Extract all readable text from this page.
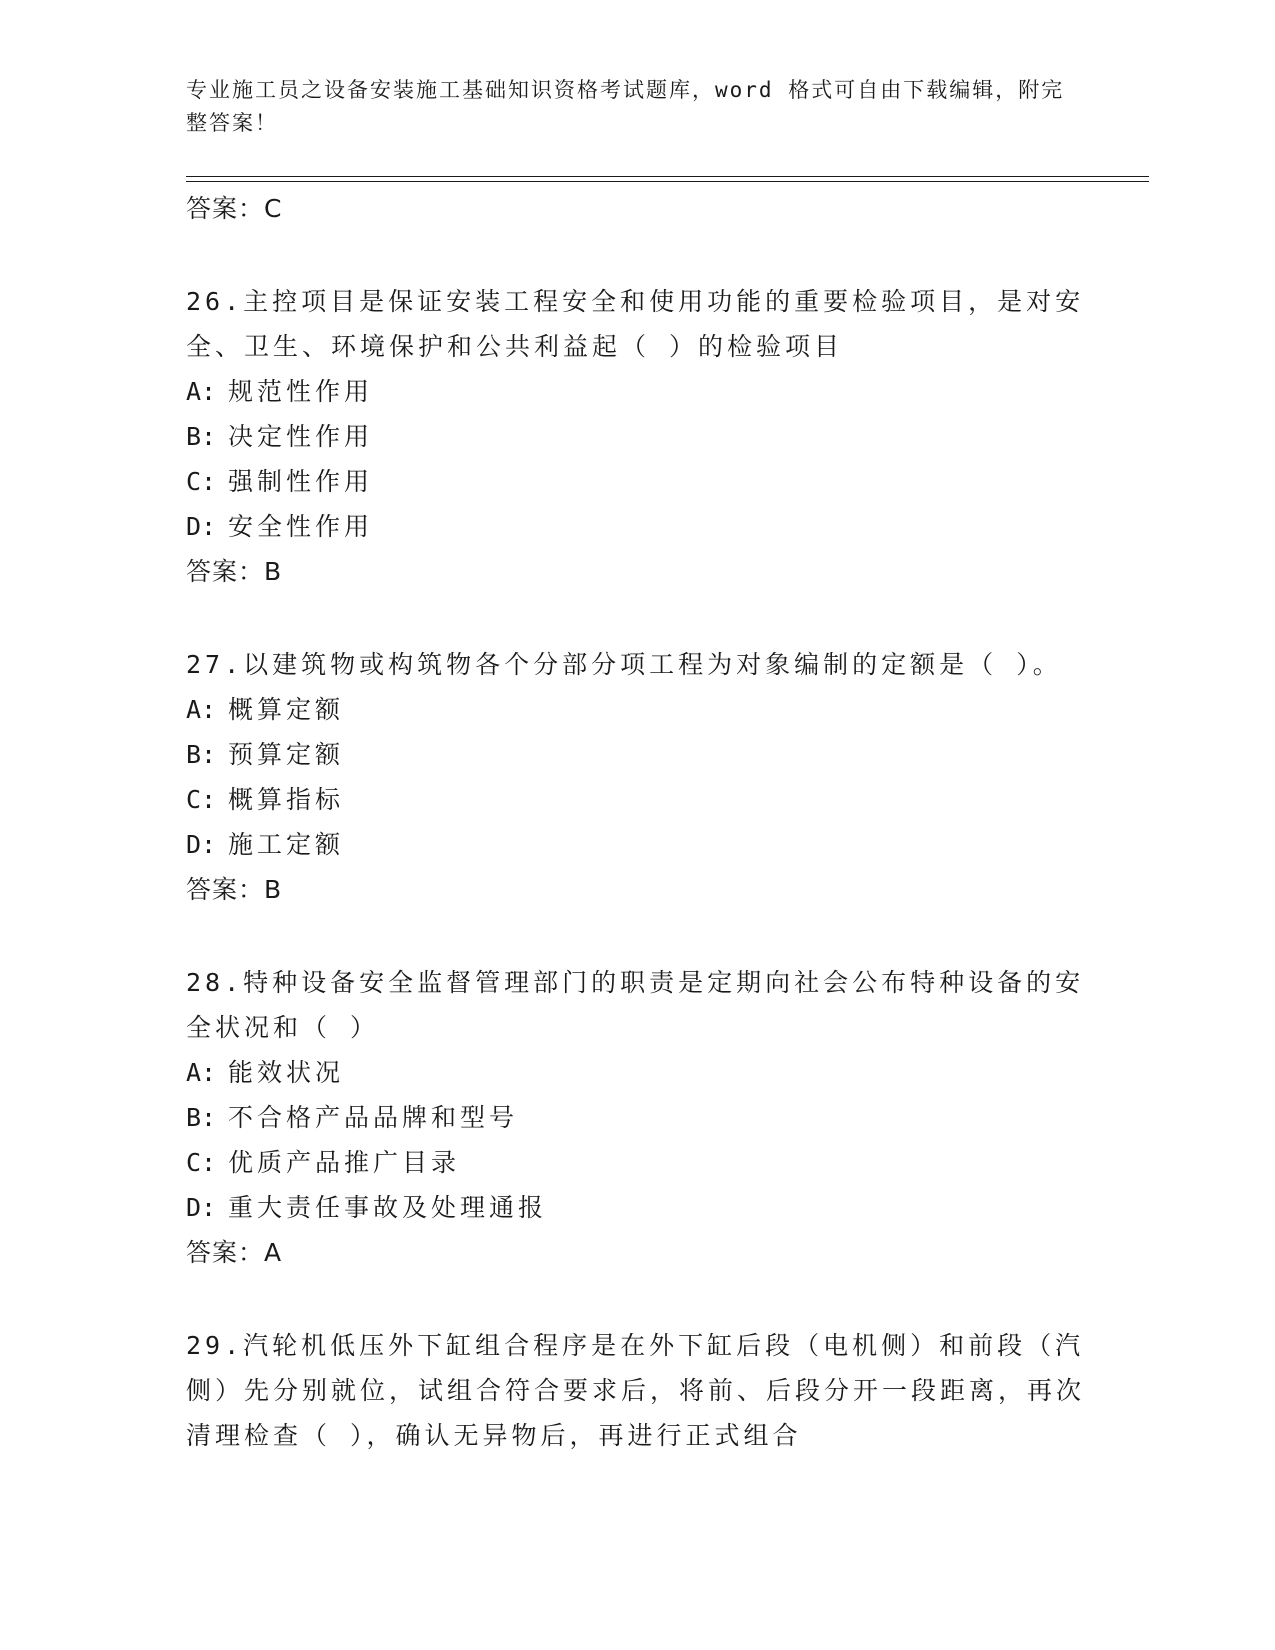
专业施工员之设备安装施工基础知识资格考试题库，word 格式可自由下载编辑，附完整答案！

答案：C

26.主控项目是保证安装工程安全和使用功能的重要检验项目，是对安全、卫生、环境保护和公共利益起（ ）的检验项目

A: 规范性作用

B: 决定性作用

C: 强制性作用

D: 安全性作用

答案：B

27.以建筑物或构筑物各个分部分项工程为对象编制的定额是（ ）。

A: 概算定额

B: 预算定额

C: 概算指标

D: 施工定额

答案：B

28.特种设备安全监督管理部门的职责是定期向社会公布特种设备的安全状况和（ ）

A: 能效状况

B: 不合格产品品牌和型号

C: 优质产品推广目录

D: 重大责任事故及处理通报

答案：A

29.汽轮机低压外下缸组合程序是在外下缸后段（电机侧）和前段（汽侧）先分别就位，试组合符合要求后，将前、后段分开一段距离，再次清理检查（ ），确认无异物后，再进行正式组合
